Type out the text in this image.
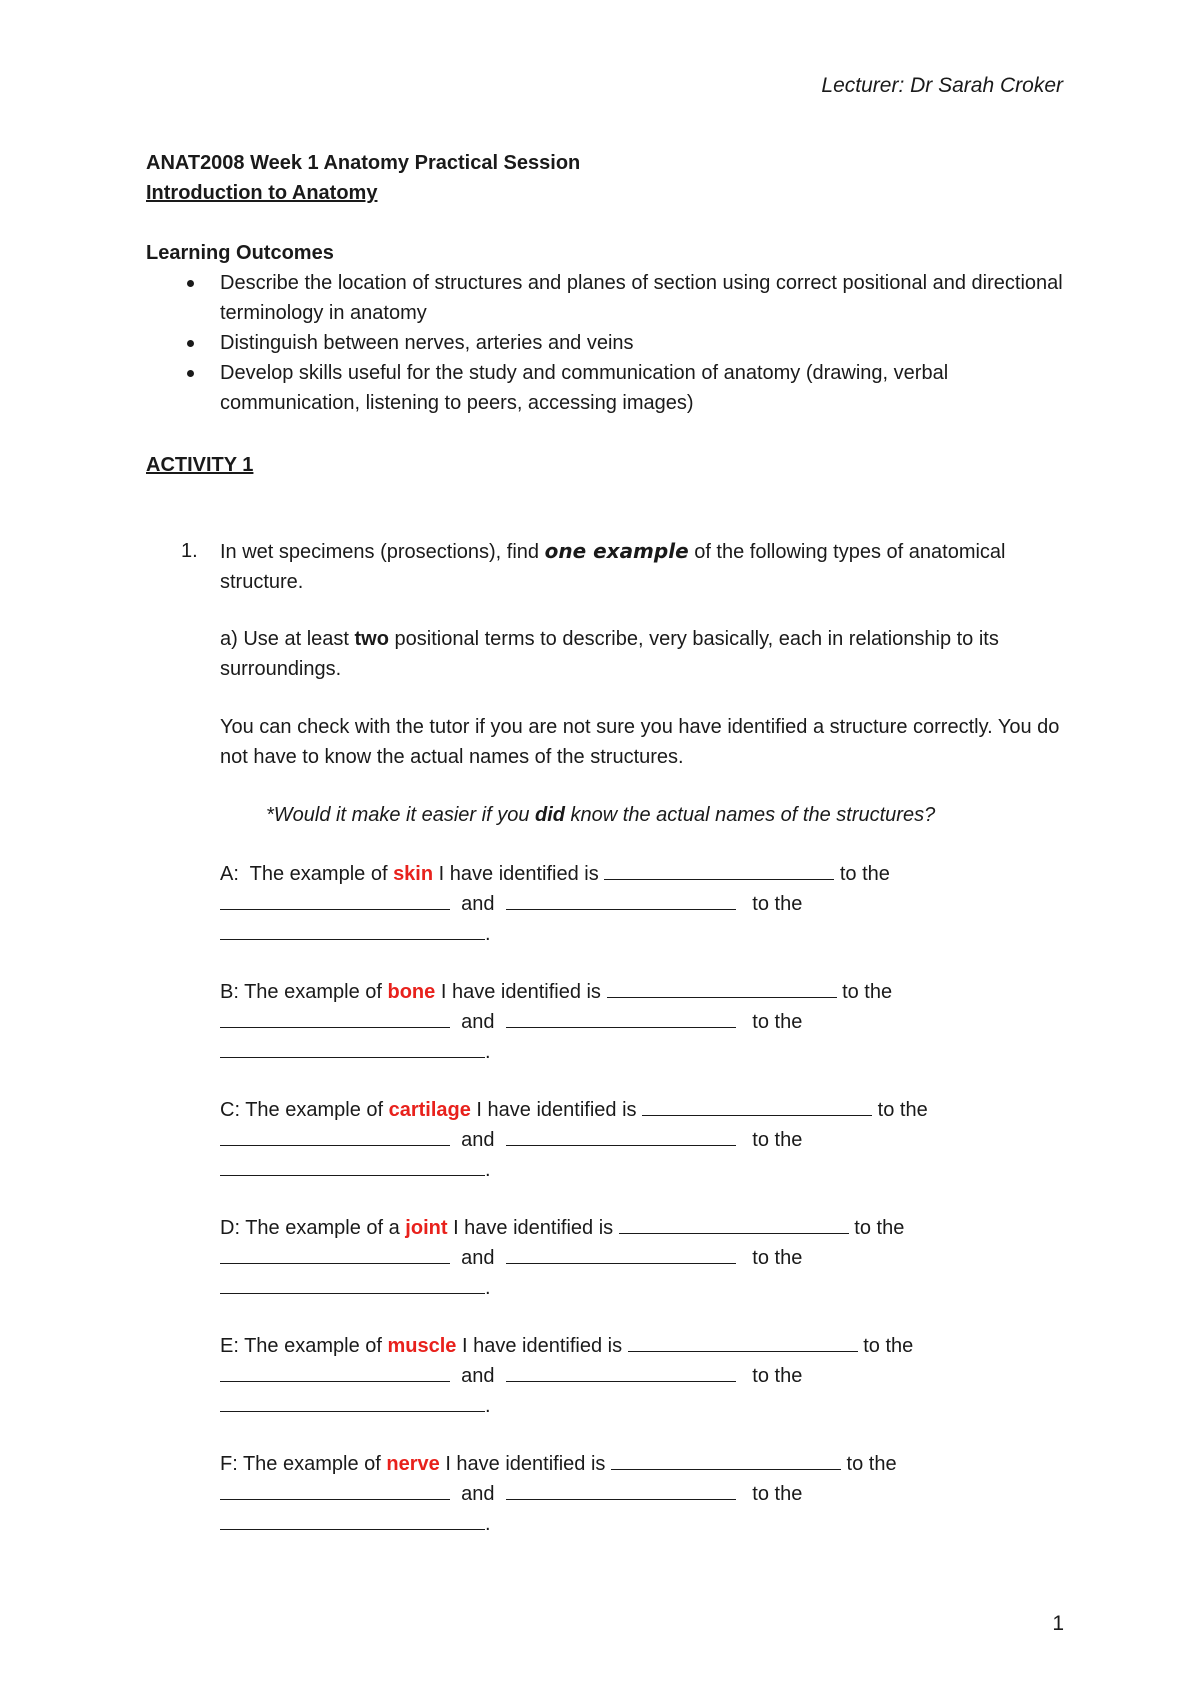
Lecturer: Dr Sarah Croker
ANAT2008 Week 1 Anatomy Practical Session
Introduction to Anatomy
Learning Outcomes
Describe the location of structures and planes of section using correct positional and directional terminology in anatomy
Distinguish between nerves, arteries and veins
Develop skills useful for the study and communication of anatomy (drawing, verbal communication, listening to peers, accessing images)
ACTIVITY 1
1.	In wet specimens (prosections), find one example of the following types of anatomical structure.
a) Use at least two positional terms to describe, very basically, each in relationship to its surroundings.
You can check with the tutor if you are not sure you have identified a structure correctly. You do not have to know the actual names of the structures.
*Would it make it easier if you did know the actual names of the structures?
A:  The example of skin I have identified is	to the
and	to the
.
B: The example of bone I have identified is	to the
and	to the
.
C: The example of cartilage I have identified is	to the
and	to the
.
D: The example of a joint I have identified is	to the
and	to the
.
E: The example of muscle I have identified is	to the
and	to the
.
F: The example of nerve I have identified is	to the
and	to the
.
1
